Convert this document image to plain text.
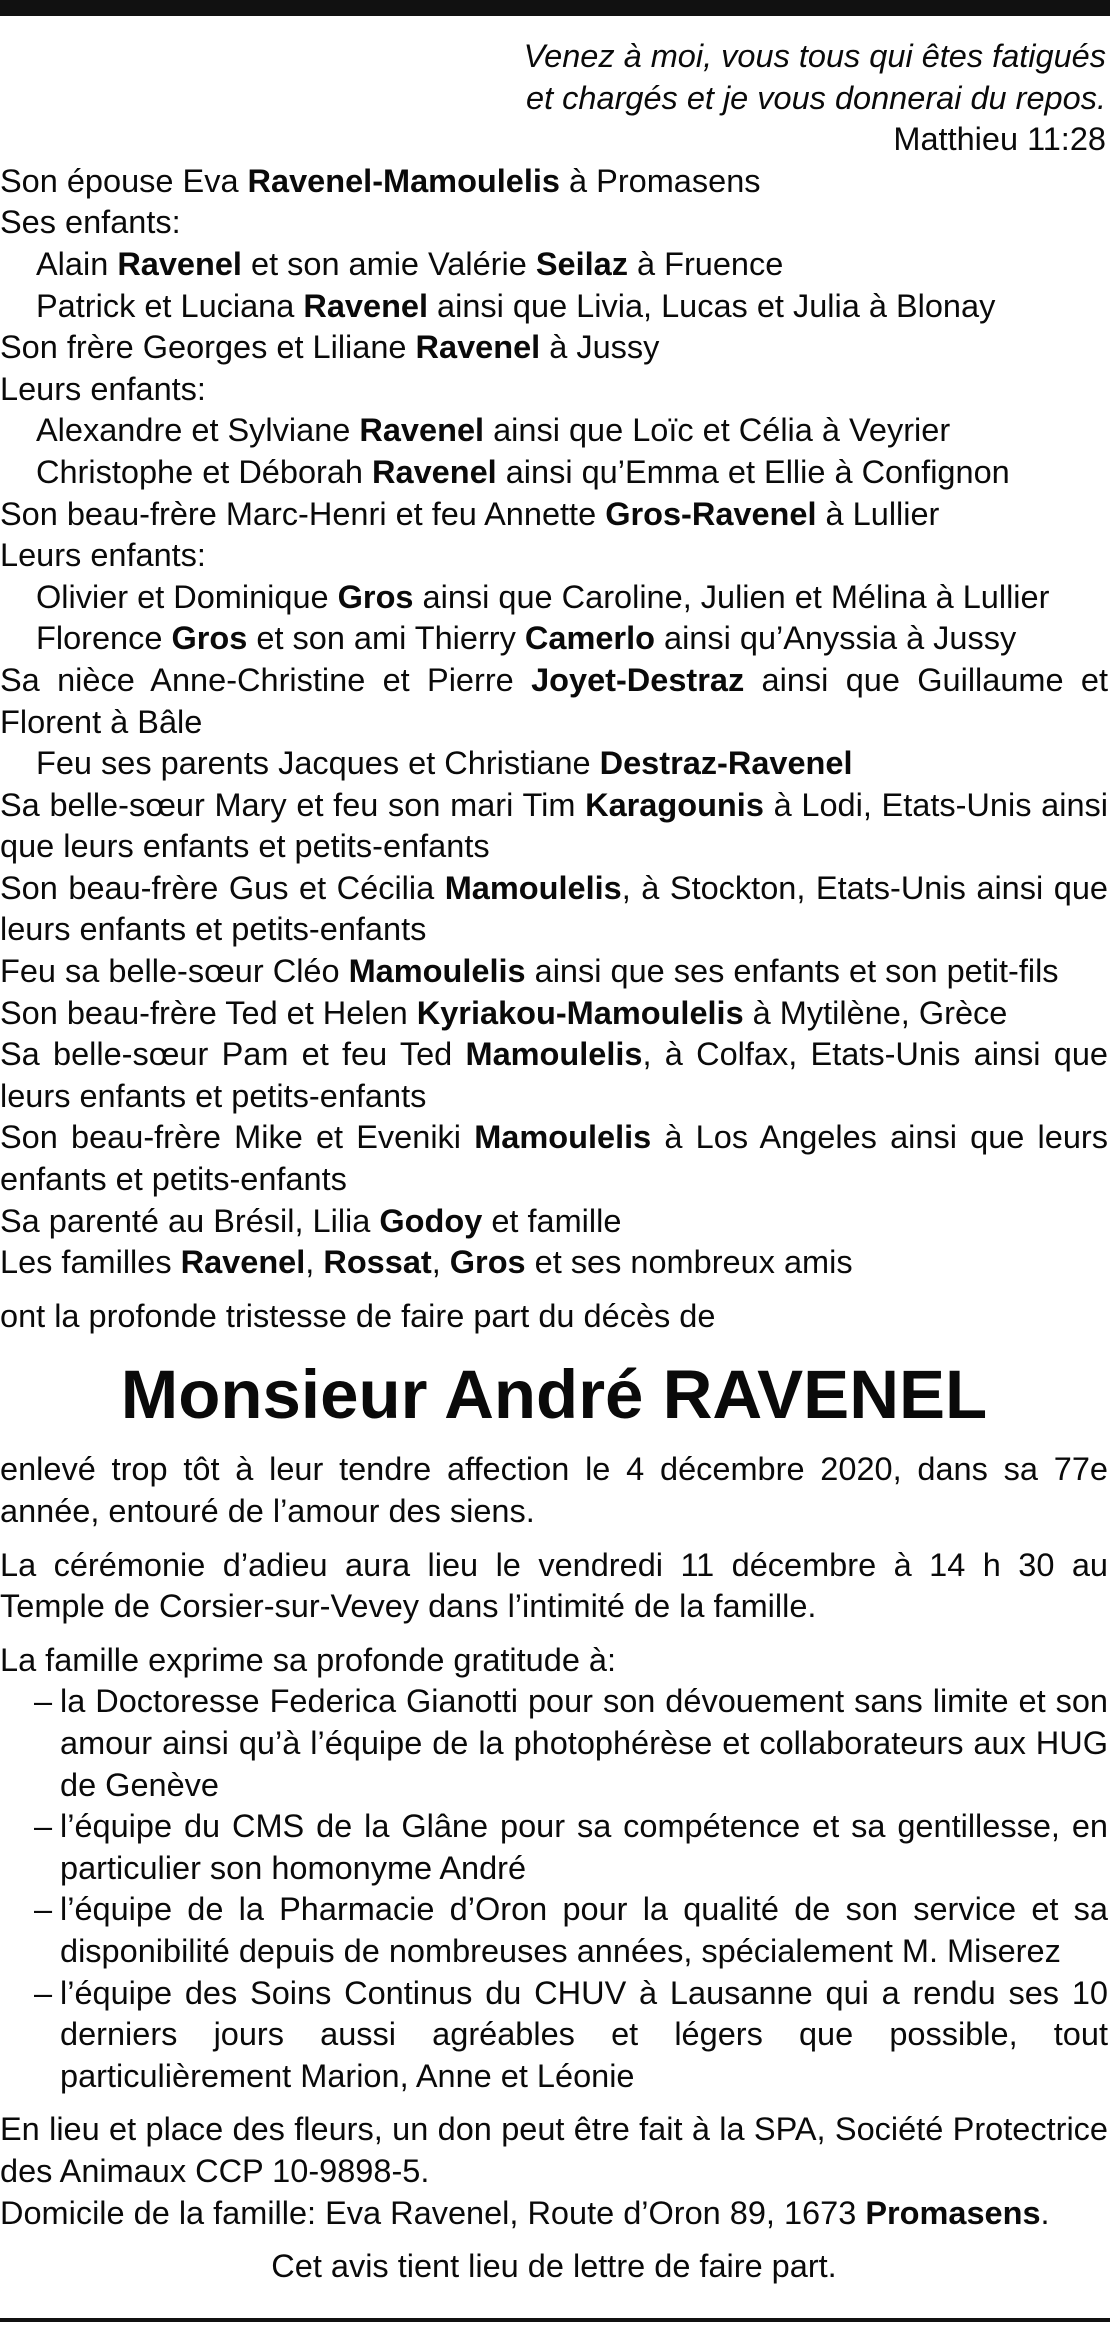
Venez à moi, vous tous qui êtes fatigués
et chargés et je vous donnerai du repos.
Matthieu 11:28
Son épouse Eva Ravenel-Mamoulelis à Promasens
Ses enfants:
Alain Ravenel et son amie Valérie Seilaz à Fruence
Patrick et Luciana Ravenel ainsi que Livia, Lucas et Julia à Blonay
Son frère Georges et Liliane Ravenel à Jussy
Leurs enfants:
Alexandre et Sylviane Ravenel ainsi que Loïc et Célia à Veyrier
Christophe et Déborah Ravenel ainsi qu’Emma et Ellie à Confignon
Son beau-frère Marc-Henri et feu Annette Gros-Ravenel à Lullier
Leurs enfants:
Olivier et Dominique Gros ainsi que Caroline, Julien et Mélina à Lullier
Florence Gros et son ami Thierry Camerlo ainsi qu’Anyssia à Jussy
Sa nièce Anne-Christine et Pierre Joyet-Destraz ainsi que Guillaume et Florent à Bâle
Feu ses parents Jacques et Christiane Destraz-Ravenel
Sa belle-sœur Mary et feu son mari Tim Karagounis à Lodi, Etats-Unis ainsi que leurs enfants et petits-enfants
Son beau-frère Gus et Cécilia Mamoulelis, à Stockton, Etats-Unis ainsi que leurs enfants et petits-enfants
Feu sa belle-sœur Cléo Mamoulelis ainsi que ses enfants et son petit-fils
Son beau-frère Ted et Helen Kyriakou-Mamoulelis à Mytilène, Grèce
Sa belle-sœur Pam et feu Ted Mamoulelis, à Colfax, Etats-Unis ainsi que leurs enfants et petits-enfants
Son beau-frère Mike et Eveniki Mamoulelis à Los Angeles ainsi que leurs enfants et petits-enfants
Sa parenté au Brésil, Lilia Godoy et famille
Les familles Ravenel, Rossat, Gros et ses nombreux amis
ont la profonde tristesse de faire part du décès de
Monsieur André RAVENEL
enlevé trop tôt à leur tendre affection le 4 décembre 2020, dans sa 77e année, entouré de l’amour des siens.
La cérémonie d’adieu aura lieu le vendredi 11 décembre à 14 h 30 au Temple de Corsier-sur-Vevey dans l’intimité de la famille.
La famille exprime sa profonde gratitude à:
– la Doctoresse Federica Gianotti pour son dévouement sans limite et son amour ainsi qu’à l’équipe de la photophérèse et collaborateurs aux HUG de Genève
– l’équipe du CMS de la Glâne pour sa compétence et sa gentillesse, en particulier son homonyme André
– l’équipe de la Pharmacie d’Oron pour la qualité de son service et sa disponibilité depuis de nombreuses années, spécialement M. Miserez
– l’équipe des Soins Continus du CHUV à Lausanne qui a rendu ses 10 derniers jours aussi agréables et légers que possible, tout particulièrement Marion, Anne et Léonie
En lieu et place des fleurs, un don peut être fait à la SPA, Société Protectrice des Animaux CCP 10-9898-5.
Domicile de la famille: Eva Ravenel, Route d’Oron 89, 1673 Promasens.
Cet avis tient lieu de lettre de faire part.
